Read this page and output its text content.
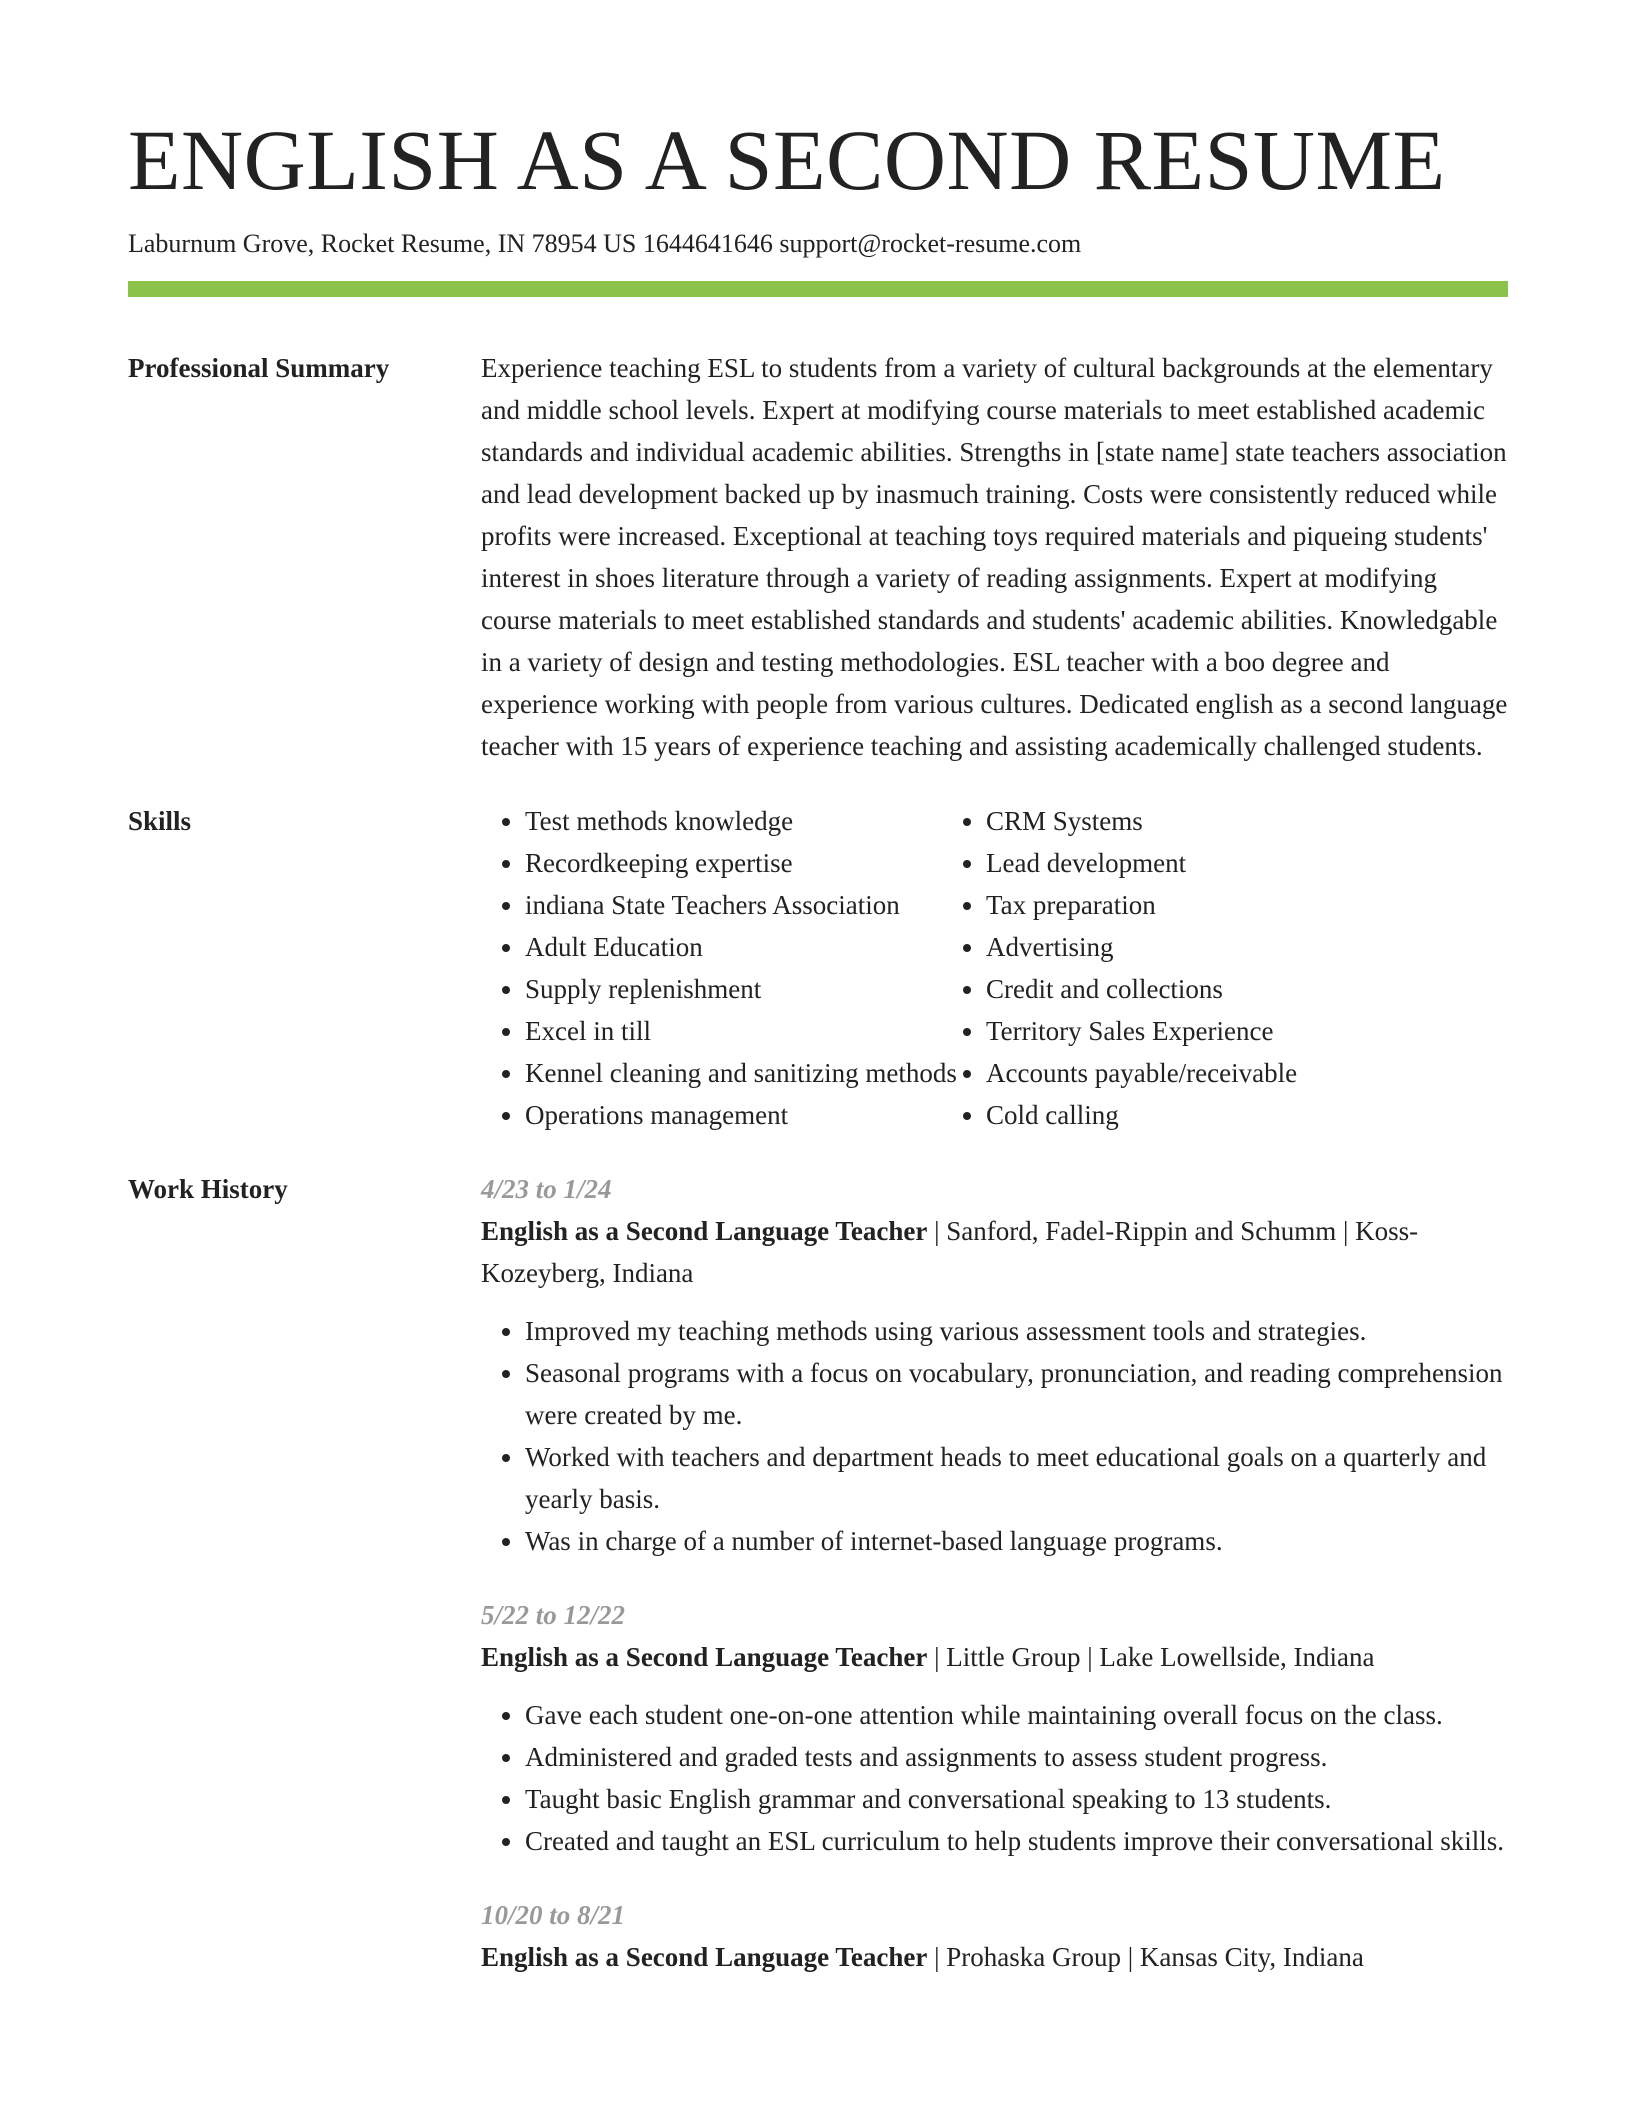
ENGLISH AS A SECOND RESUME
Laburnum Grove, Rocket Resume, IN 78954 US 1644641646 support@rocket-resume.com
Professional Summary	Experience teaching ESL to students from a variety of cultural backgrounds at the elementary and middle school levels. Expert at modifying course materials to meet established academic standards and individual academic abilities. Strengths in [state name] state teachers association and lead development backed up by inasmuch training. Costs were consistently reduced while profits were increased. Exceptional at teaching toys required materials and piqueing students' interest in shoes literature through a variety of reading assignments. Expert at modifying course materials to meet established standards and students' academic abilities. Knowledgable in a variety of design and testing methodologies. ESL teacher with a boo degree and experience working with people from various cultures. Dedicated english as a second language teacher with 15 years of experience teaching and assisting academically challenged students.

Skills
•	Test methods knowledge
• Recordkeeping expertise
• indiana State Teachers Association
• Adult Education
• Supply replenishment
• Excel in till
• Kennel cleaning and sanitizing methods
• Operations management
• CRM Systems
• Lead development
• Tax preparation
• Advertising
• Credit and collections
• Territory Sales Experience
• Accounts payable/receivable
• Cold calling
Work History	4/23 to 1/24
English as a Second Language Teacher | Sanford, Fadel-Rippin and Schumm | Koss-Kozeyberg, Indiana
• Improved my teaching methods using various assessment tools and strategies.
• Seasonal programs with a focus on vocabulary, pronunciation, and reading comprehension were created by me.
• Worked with teachers and department heads to meet educational goals on a quarterly and yearly basis.
• Was in charge of a number of internet-based language programs.
5/22 to 12/22
English as a Second Language Teacher | Little Group | Lake Lowellside, Indiana
• Gave each student one-on-one attention while maintaining overall focus on the class.
• Administered and graded tests and assignments to assess student progress.
• Taught basic English grammar and conversational speaking to 13 students.
• Created and taught an ESL curriculum to help students improve their conversational skills.
10/20 to 8/21
English as a Second Language Teacher | Prohaska Group | Kansas City, Indiana
